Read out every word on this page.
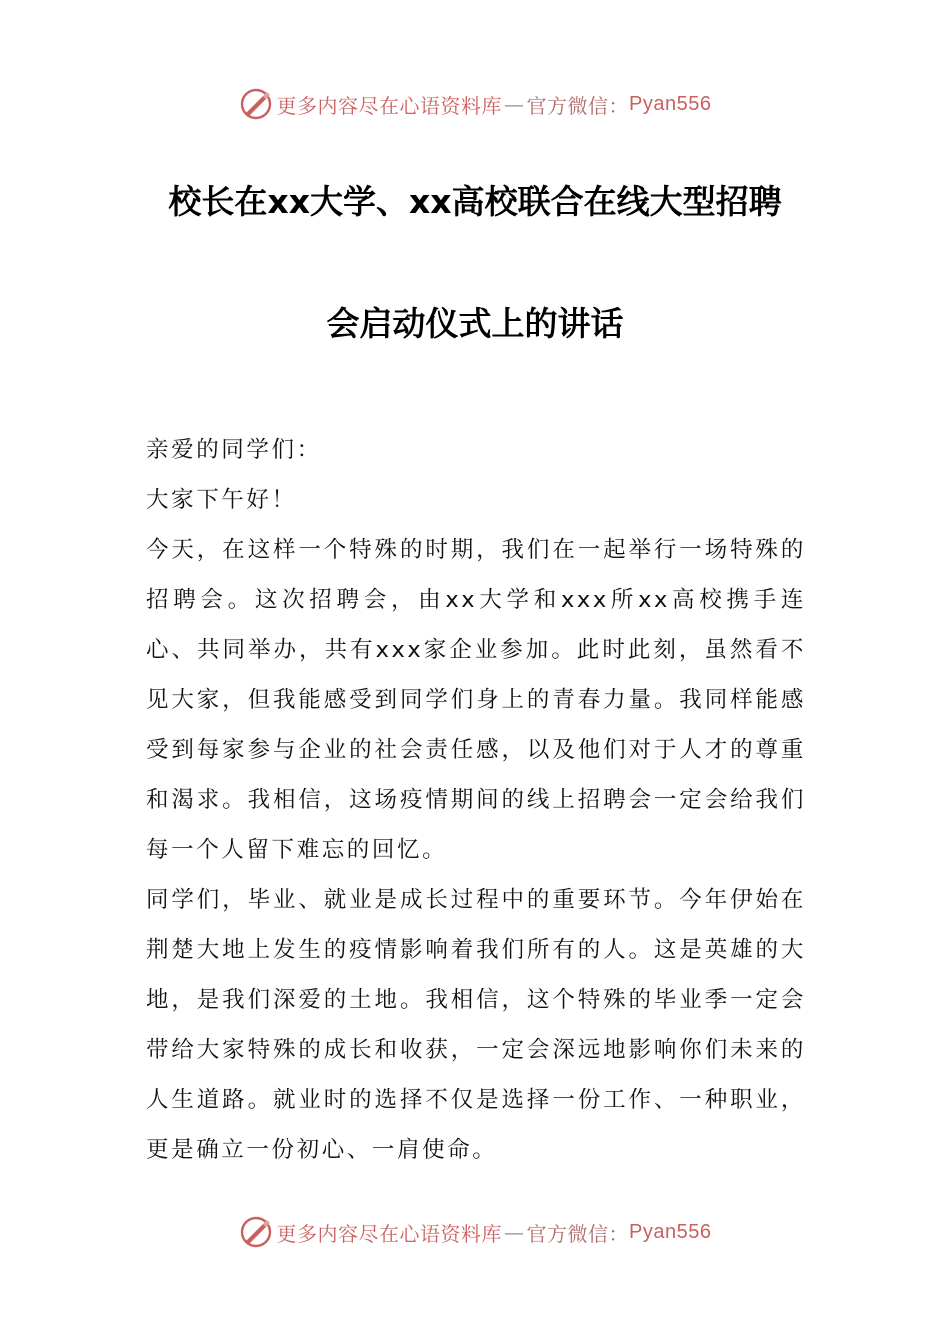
更多内容尽在心语资料库 — 官方微信： Pyan556
校长在xx大学、xx高校联合在线大型招聘
会启动仪式上的讲话

亲爱的同学们：

大家下午好！

今天，在这样一个特殊的时期，我们在一起举行一场特殊的招聘会。这次招聘会，由xx大学和xxx所xx高校携手连心、共同举办，共有xxx家企业参加。此时此刻，虽然看不见大家，但我能感受到同学们身上的青春力量。我同样能感受到每家参与企业的社会责任感，以及他们对于人才的尊重和渴求。我相信，这场疫情期间的线上招聘会一定会给我们每一个人留下难忘的回忆。

同学们，毕业、就业是成长过程中的重要环节。今年伊始在荆楚大地上发生的疫情影响着我们所有的人。这是英雄的大地，是我们深爱的土地。我相信，这个特殊的毕业季一定会带给大家特殊的成长和收获，一定会深远地影响你们未来的人生道路。就业时的选择不仅是选择一份工作、一种职业，更是确立一份初心、一肩使命。

更多内容尽在心语资料库 — 官方微信： Pyan556
